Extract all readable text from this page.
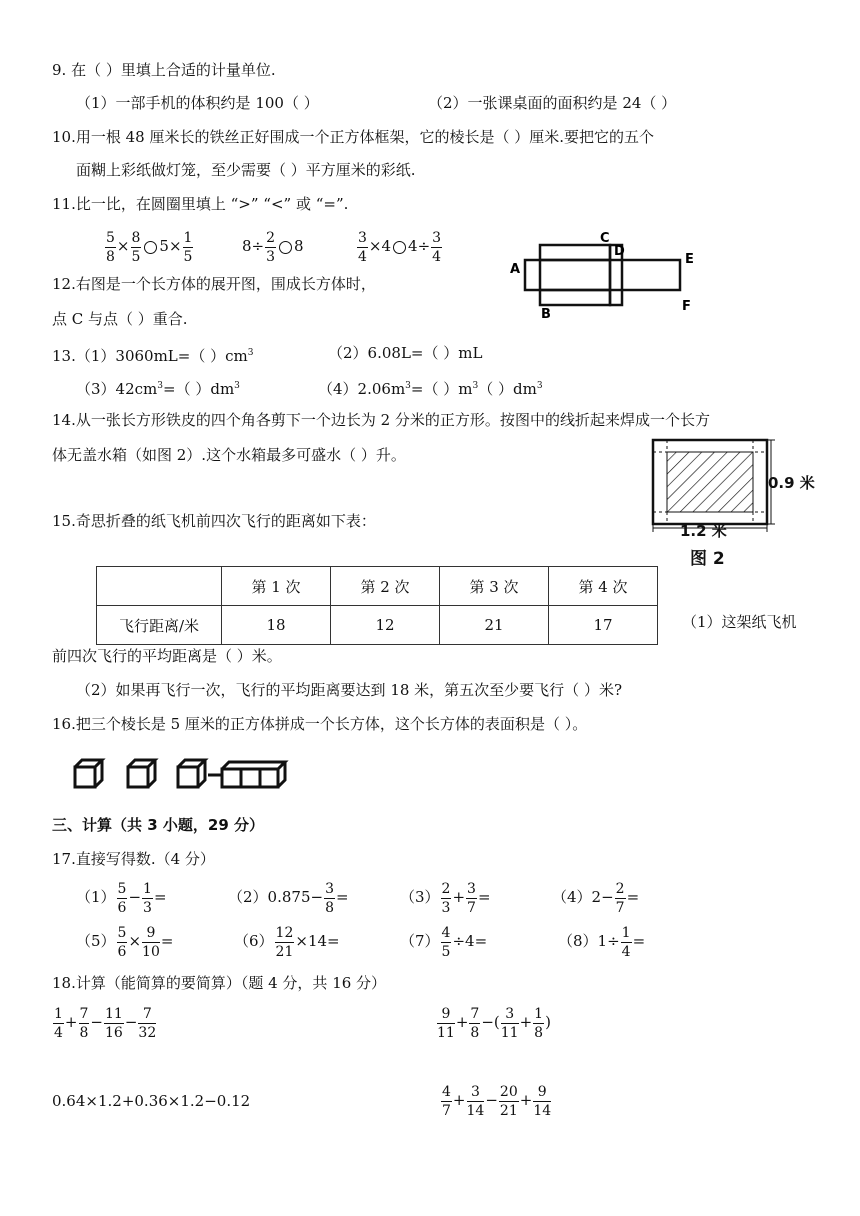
9. 在（ ）里填上合适的计量单位.
（1）一部手机的体积约是 100（ ）	（2）一张课桌面的面积约是 24（ ）
10.用一根 48 厘米长的铁丝正好围成一个正方体框架，它的棱长是（ ）厘米.要把它的五个
面糊上彩纸做灯笼，至少需要（ ）平方厘米的彩纸.
11.比一比，在圆圈里填上 “>” “<” 或 “=”.
$\frac{5}{8} \times \frac{8}{5} 5\times \frac{1}{5}$	$8\div \frac{2}{3} 8$	$\frac{3}{4} \times 4$ $4\div \frac{3}{4}$
12.右图是一个长方体的展开图，围成长方体时，
点 C 与点（ ）重合.
A
B
C
D
E
F
13.（1）3060mL=（ ）$cm^3$	（2）6.08L=（ ）mL
$(3)42cm^3=$（ ）$dm^3$	$(4)2.06m^3=$（ ）$m^3$（ ）$dm^3$
14.从一张长方形铁皮的四个角各剪下一个边长为 2 分米的正方形。按图中的线折起来焊成一个长方
体无盖水箱（如图 2）.这个水箱最多可盛水（ ）升。
0.9 米
1.2 米
图 2
15.奇思折叠的纸飞机前四次飞行的距离如下表：
	第 1 次	第 2 次	第 3 次	第 4 次
飞行距离/米	18	12	21	17	（1）这架纸飞机
前四次飞行的平均距离是（ ）米。
（2）如果再飞行一次，飞行的平均距离要达到 18 米，第五次至少要飞行（ ）米?
16.把三个棱长是 5 厘米的正方体拼成一个长方体，这个长方体的表面积是（ ）。
三、计算（共 3 小题，29 分）
17.直接写得数.（4 分）
$(1) \frac{5}{6} - \frac{1}{3}$ =	$(2)0.875- \frac{3}{8}$ =	$(3) \frac{2}{3} + \frac{3}{7}$ =	$(4)2- \frac{2}{7}$ =
$(5) \frac{5}{6} \times \frac{9}{10}$ =	$(6) \frac{12}{21} \times 14=$	$(7) \frac{4}{5} \div 4=$	$(8)1\div \frac{1}{4}$ =
18.计算（能简算的要简算）（题 4 分，共 16 分）
$\frac{1}{4} + \frac{7}{8} - \frac{11}{16} - \frac{7}{32}$	$\frac{9}{11} + \frac{7}{8}$ −( $\frac{3}{11} + \frac{1}{8}$ )
0.64×1.2+0.36×1.2−0.12	$\frac{4}{7} + \frac{3}{14} - \frac{20}{21} + \frac{9}{14}$
